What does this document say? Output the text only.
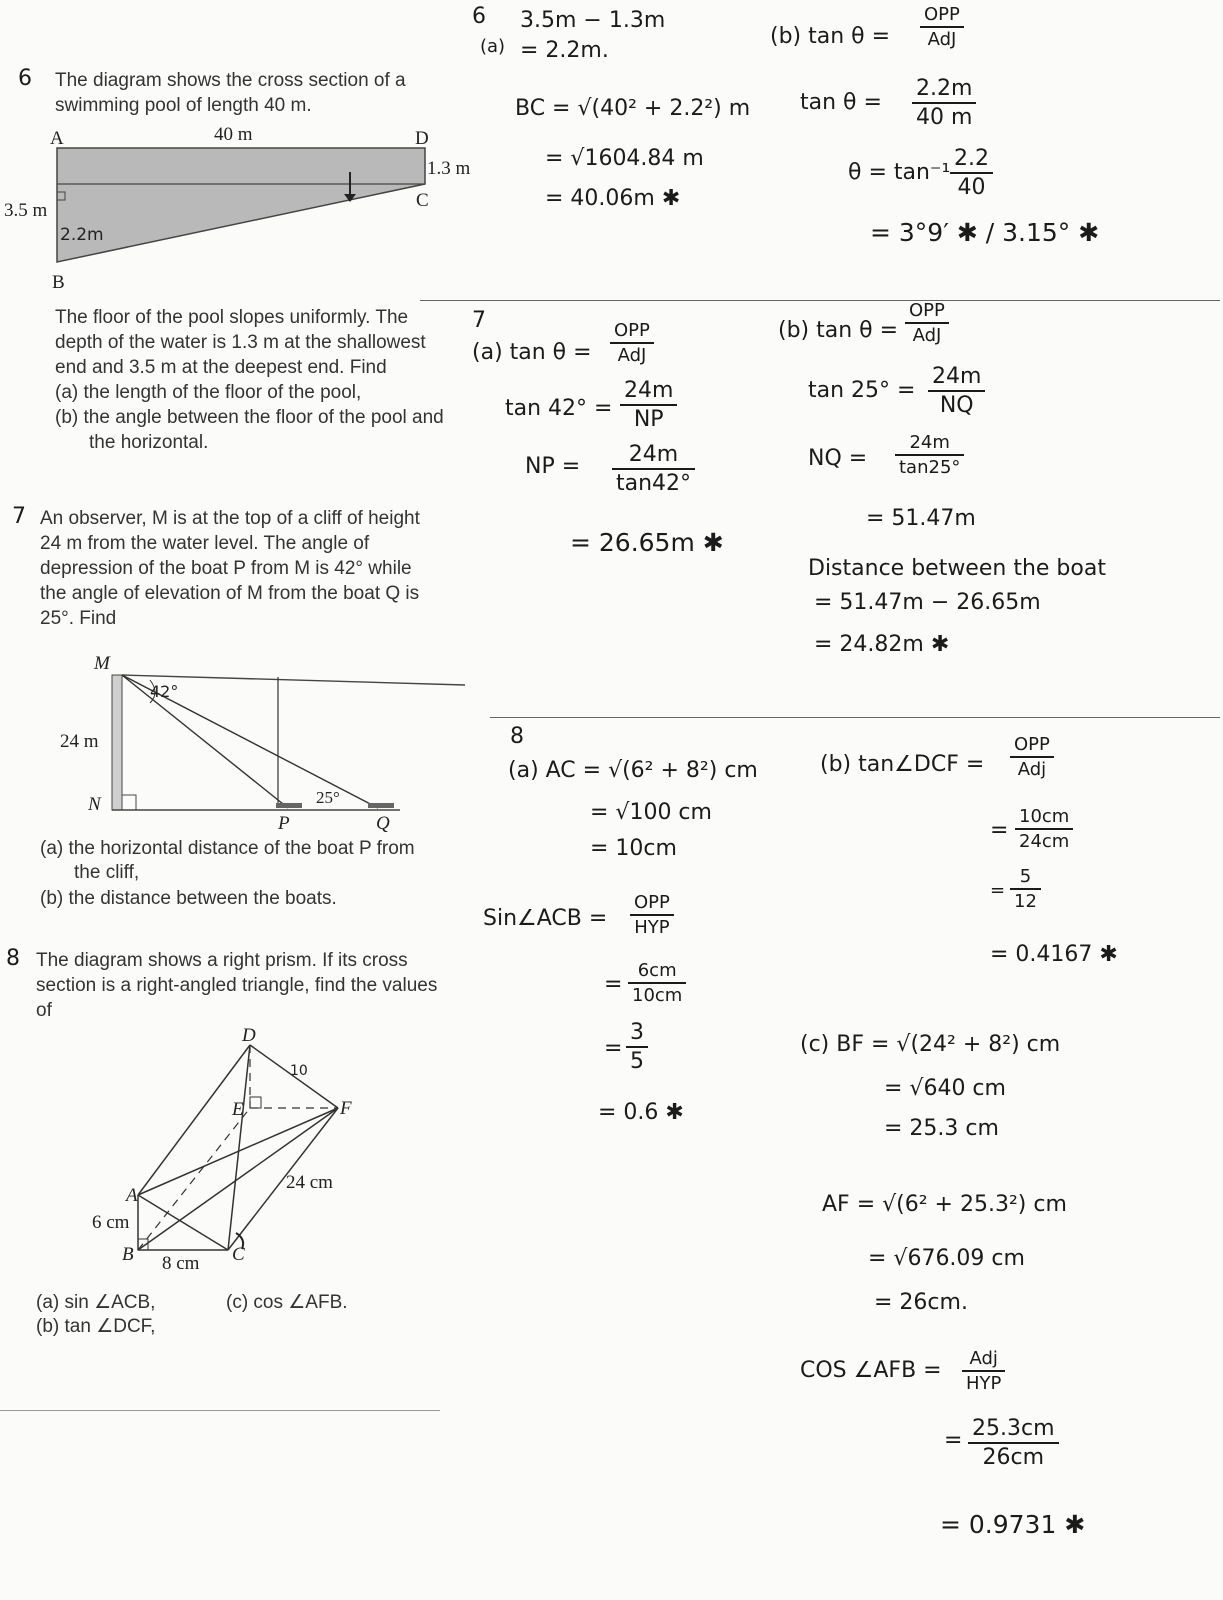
6 The diagram shows the cross section of a
swimming pool of length 40 m.
A	D
C
B
40 m
1.3 m
3.5 m
2.2m
The floor of the pool slopes uniformly. The
depth of the water is 1.3 m at the shallowest
end and 3.5 m at the deepest end. Find
(a) the length of the floor of the pool,
(b) the angle between the floor of the pool and
the horizontal.
6
(a)
3.5m − 1.3m
= 2.2m.
BC = √(40² + 2.2²) m
= √1604.84 m
= 40.06m ✱
(b) tan θ =
OPP
AdJ
tan θ =
2.2m
40 m
θ = tan⁻¹
2.2
40
= 3°9′ ✱ / 3.15° ✱
7 An observer, M is at the top of a cliff of height
24 m from the water level. The angle of
depression of the boat P from M is 42° while
the angle of elevation of M from the boat Q is
25°. Find
M
N
P	Q
24 m
42°
25°
(a) the horizontal distance of the boat P from
the cliff,
(b) the distance between the boats.
7
(a) tan θ =
OPP
AdJ
tan 42° =
24m
NP
NP = 24m
tan42°
= 26.65m ✱
(b) tan θ =
OPP
AdJ
tan 25° =
24m
NQ
NQ =
24m
tan25°
= 51.47m
Distance between the boat
= 51.47m − 26.65m
= 24.82m ✱
8 The diagram shows a right prism. If its cross
section is a right-angled triangle, find the values
of
A
B	C
D
E	F
6 cm
8 cm
24 cm
10
(a) sin ∠ACB,	(c) cos ∠AFB.
(b) tan ∠DCF,
8
(a) AC = √(6² + 8²) cm
= √100 cm
= 10cm
Sin∠ACB =
OPP
HYP
=
6cm
10cm
=
3
5
= 0.6 ✱
(b) tan∠DCF =
OPP
Adj
=
10cm
24cm
=
5
12
= 0.4167 ✱
(c) BF = √(24² + 8²) cm
= √640 cm
= 25.3 cm
AF = √(6² + 25.3²) cm
= √676.09 cm
= 26cm.
COS ∠AFB = Adj
HYP
= 25.3cm
26cm
= 0.9731 ✱
